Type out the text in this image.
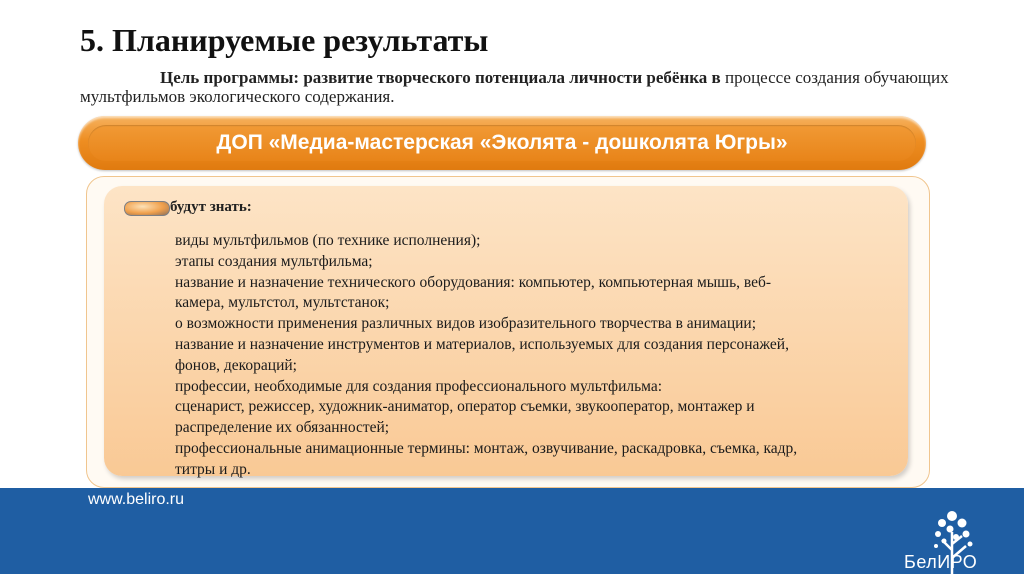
5. Планируемые результаты
Цель программы: развитие творческого потенциала личности ребёнка в процессе создания обучающих мультфильмов экологического содержания.
ДОП «Медиа-мастерская «Эколята - дошколята Югры»
будут знать:
виды мультфильмов (по технике исполнения);
этапы создания мультфильма;
название и назначение технического оборудования: компьютер, компьютерная мышь, веб-
камера, мультстол, мультстанок;
о возможности применения различных видов изобразительного творчества в анимации;
название и назначение инструментов и материалов, используемых для создания персонажей,
фонов, декораций;
профессии, необходимые для создания профессионального мультфильма:
сценарист, режиссер, художник-аниматор, оператор съемки, звукооператор, монтажер и
распределение их обязанностей;
профессиональные анимационные термины: монтаж, озвучивание, раскадровка, съемка, кадр,
титры и др.
www.beliro.ru
БелИРО
